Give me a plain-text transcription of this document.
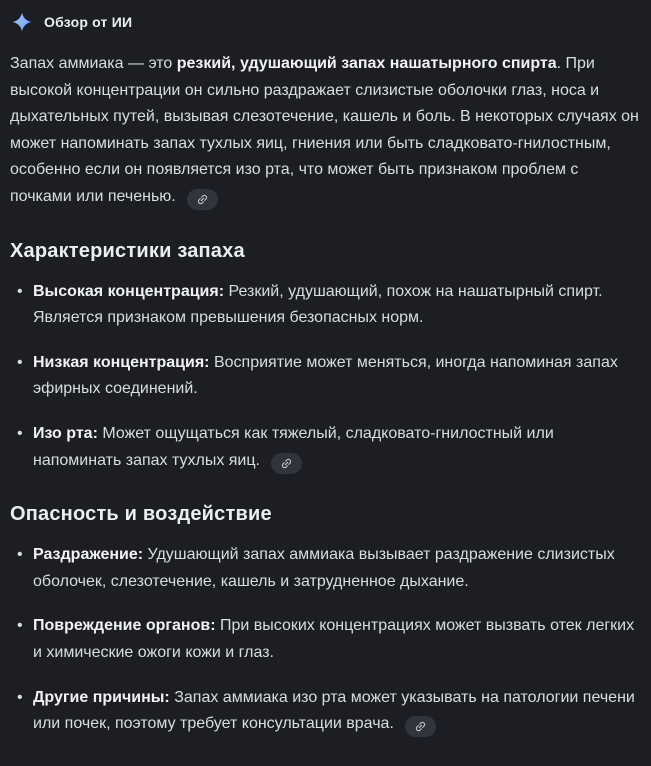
Обзор от ИИ

Запах аммиака — это резкий, удушающий запах нашатырного спирта. При высокой концентрации он сильно раздражает слизистые оболочки глаз, носа и дыхательных путей, вызывая слезотечение, кашель и боль. В некоторых случаях он может напоминать запах тухлых яиц, гниения или быть сладковато-гнилостным, особенно если он появляется изо рта, что может быть признаком проблем с почками или печенью.

Характеристики запаха
• Высокая концентрация: Резкий, удушающий, похож на нашатырный спирт. Является признаком превышения безопасных норм.
• Низкая концентрация: Восприятие может меняться, иногда напоминая запах эфирных соединений.
• Изо рта: Может ощущаться как тяжелый, сладковато-гнилостный или напоминать запах тухлых яиц.
Опасность и воздействие
• Раздражение: Удушающий запах аммиака вызывает раздражение слизистых оболочек, слезотечение, кашель и затрудненное дыхание.
• Повреждение органов: При высоких концентрациях может вызвать отек легких и химические ожоги кожи и глаз.
• Другие причины: Запах аммиака изо рта может указывать на патологии печени или почек, поэтому требует консультации врача.
